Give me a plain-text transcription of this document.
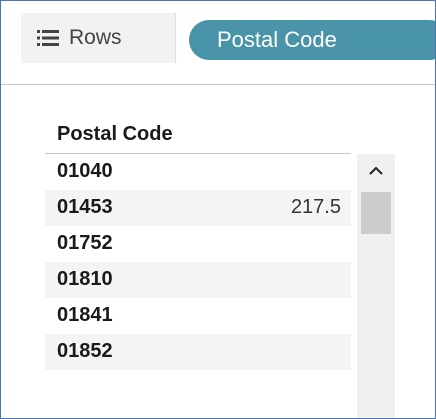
Rows	Postal Code
Postal Code
01040
01453	217.5
01752
01810
01841
01852
